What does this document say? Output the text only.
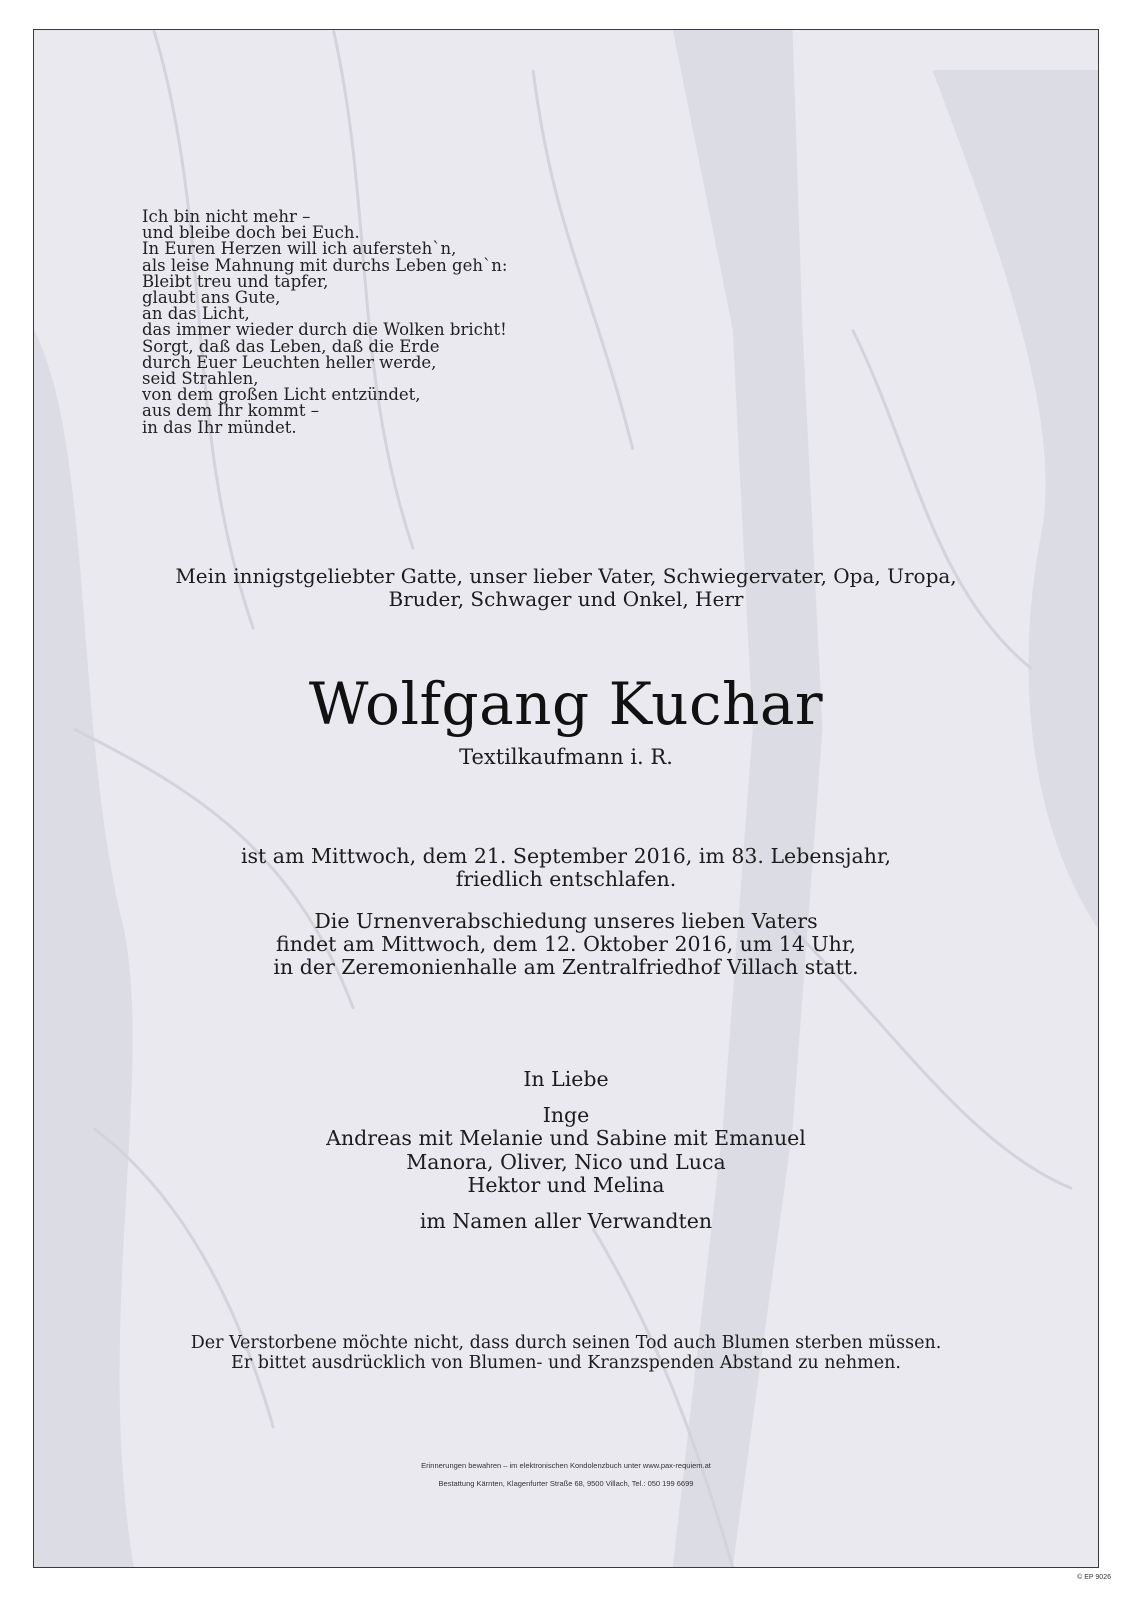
Ich bin nicht mehr –
und bleibe doch bei Euch.
In Euren Herzen will ich aufersteh`n,
als leise Mahnung mit durchs Leben geh`n:
Bleibt treu und tapfer,
glaubt ans Gute,
an das Licht,
das immer wieder durch die Wolken bricht!
Sorgt, daß das Leben, daß die Erde
durch Euer Leuchten heller werde,
seid Strahlen,
von dem großen Licht entzündet,
aus dem Ihr kommt –
in das Ihr mündet.
Mein innigstgeliebter Gatte, unser lieber Vater, Schwiegervater, Opa, Uropa,
Bruder, Schwager und Onkel, Herr
Wolfgang Kuchar
Textilkaufmann i. R.
ist am Mittwoch, dem 21. September 2016, im 83. Lebensjahr,
friedlich entschlafen.
Die Urnenverabschiedung unseres lieben Vaters
findet am Mittwoch, dem 12. Oktober 2016, um 14 Uhr,
in der Zeremonienhalle am Zentralfriedhof Villach statt.
In Liebe
Inge
Andreas mit Melanie und Sabine mit Emanuel
Manora, Oliver, Nico und Luca
Hektor und Melina
im Namen aller Verwandten
Der Verstorbene möchte nicht, dass durch seinen Tod auch Blumen sterben müssen.
Er bittet ausdrücklich von Blumen- und Kranzspenden Abstand zu nehmen.
Erinnerungen bewahren – im elektronischen Kondolenzbuch unter www.pax-requiem.at
Bestattung Kärnten, Klagenfurter Straße 68, 9500 Villach, Tel.: 050 199 6699
© EP 9026
